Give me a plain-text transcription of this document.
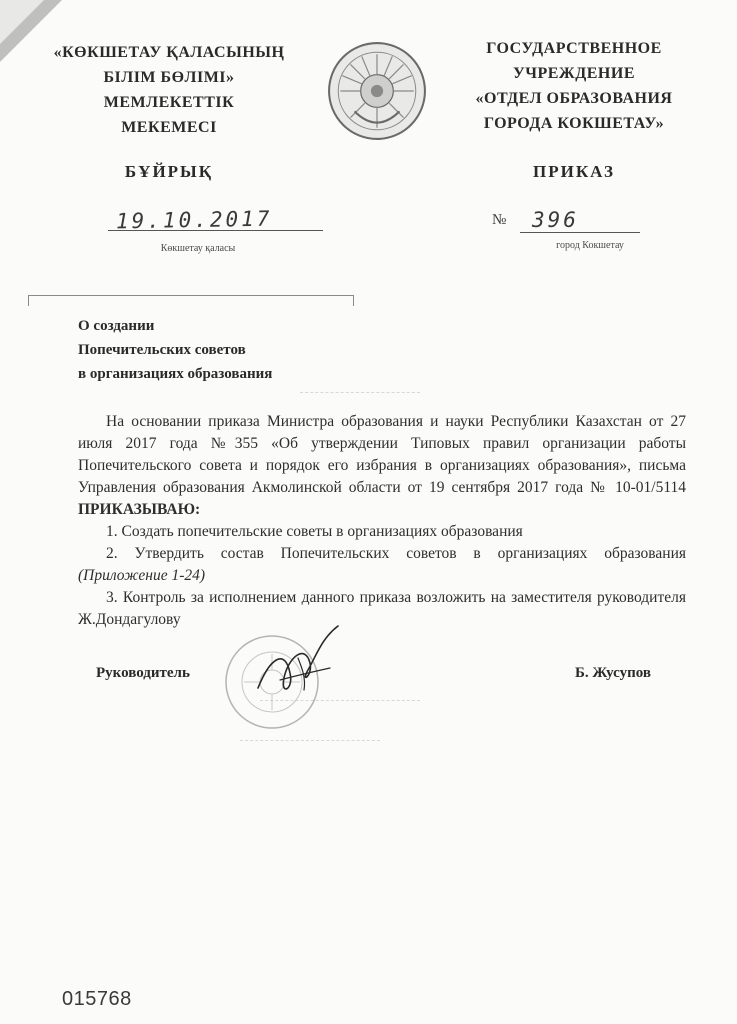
«КӨКШЕТАУ ҚАЛАСЫНЫҢ
БІЛІМ БӨЛІМІ»
МЕМЛЕКЕТТІК
МЕКЕМЕСІ
ГОСУДАРСТВЕННОЕ
УЧРЕЖДЕНИЕ
«ОТДЕЛ ОБРАЗОВАНИЯ
ГОРОДА КОКШЕТАУ»
БҰЙРЫҚ	ПРИКАЗ
19.10.2017
Көкшетау қаласы
№ 396
город Кокшетау
О создании
Попечительских советов
в организациях образования

На основании приказа Министра образования и науки Республики Казахстан от 27 июля 2017 года №355 «Об утверждении Типовых правил организации работы Попечительского совета и порядок его избрания в организациях образования», письма Управления образования Акмолинской области от 19 сентября 2017 года № 10-01/5114 ПРИКАЗЫВАЮ:

1. Создать попечительские советы в организациях образования

2. Утвердить состав Попечительских советов в организациях образования (Приложение 1-24)

3. Контроль за исполнением данного приказа возложить на заместителя руководителя Ж.Дондагулову

Руководитель	Б. Жусупов
015768
